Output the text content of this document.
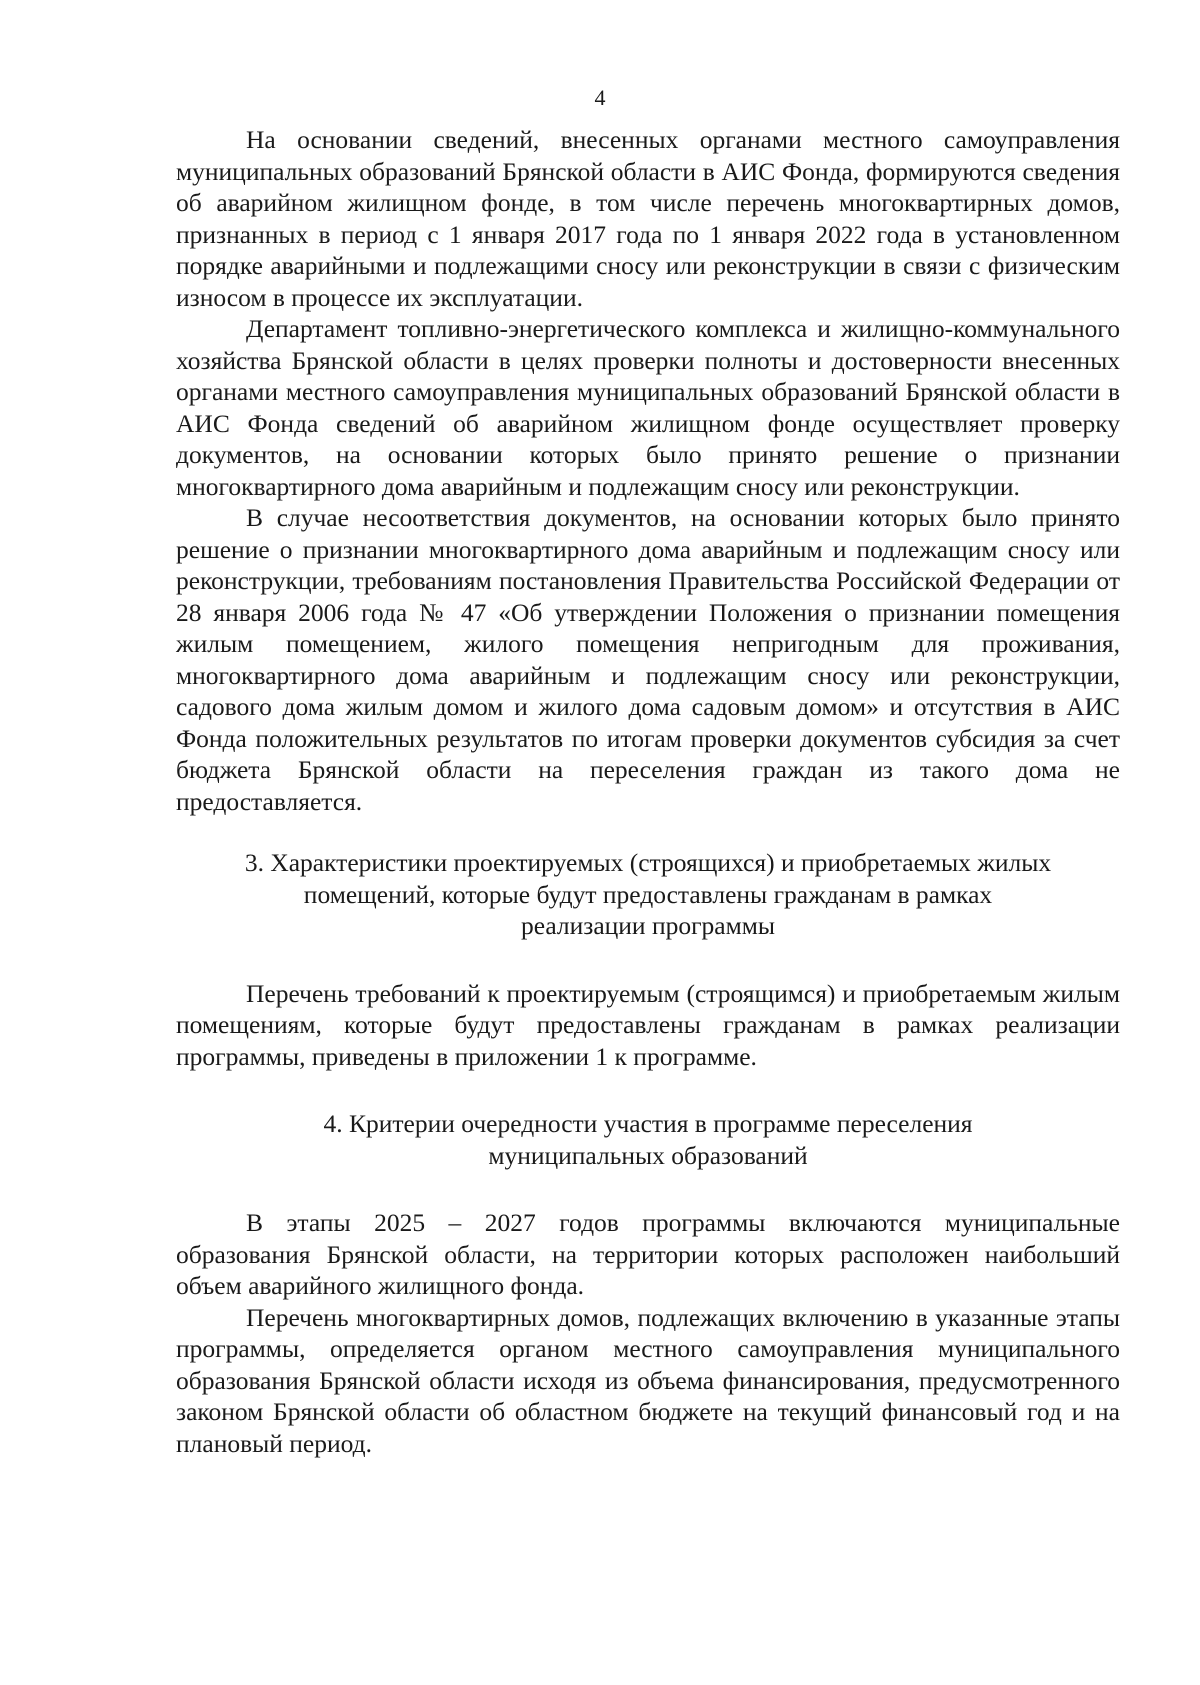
4

На основании сведений, внесенных органами местного самоуправления муниципальных образований Брянской области в АИС Фонда, формируются сведения об аварийном жилищном фонде, в том числе перечень многоквартирных домов, признанных в период с 1 января 2017 года по 1 января 2022 года в установленном порядке аварийными и подлежащими сносу или реконструкции в связи с физическим износом в процессе их эксплуатации.

Департамент топливно-энергетического комплекса и жилищно-коммунального хозяйства Брянской области в целях проверки полноты и достоверности внесенных органами местного самоуправления муниципальных образований Брянской области в АИС Фонда сведений об аварийном жилищном фонде осуществляет проверку документов, на основании которых было принято решение о признании многоквартирного дома аварийным и подлежащим сносу или реконструкции.

В случае несоответствия документов, на основании которых было принято решение о признании многоквартирного дома аварийным и подлежащим сносу или реконструкции, требованиям постановления Правительства Российской Федерации от 28 января 2006 года № 47 «Об утверждении Положения о признании помещения жилым помещением, жилого помещения непригодным для проживания, многоквартирного дома аварийным и подлежащим сносу или реконструкции, садового дома жилым домом и жилого дома садовым домом» и отсутствия в АИС Фонда положительных результатов по итогам проверки документов субсидия за счет бюджета Брянской области на переселения граждан из такого дома не предоставляется.

3. Характеристики проектируемых (строящихся) и приобретаемых жилых
помещений, которые будут предоставлены гражданам в рамках
реализации программы

Перечень требований к проектируемым (строящимся) и приобретаемым жилым помещениям, которые будут предоставлены гражданам в рамках реализации программы, приведены в приложении 1 к программе.

4. Критерии очередности участия в программе переселения
муниципальных образований

В этапы 2025 – 2027 годов программы включаются муниципальные образования Брянской области, на территории которых расположен наибольший объем аварийного жилищного фонда.

Перечень многоквартирных домов, подлежащих включению в указанные этапы программы, определяется органом местного самоуправления муниципального образования Брянской области исходя из объема финансирования, предусмотренного законом Брянской области об областном бюджете на текущий финансовый год и на плановый период.
